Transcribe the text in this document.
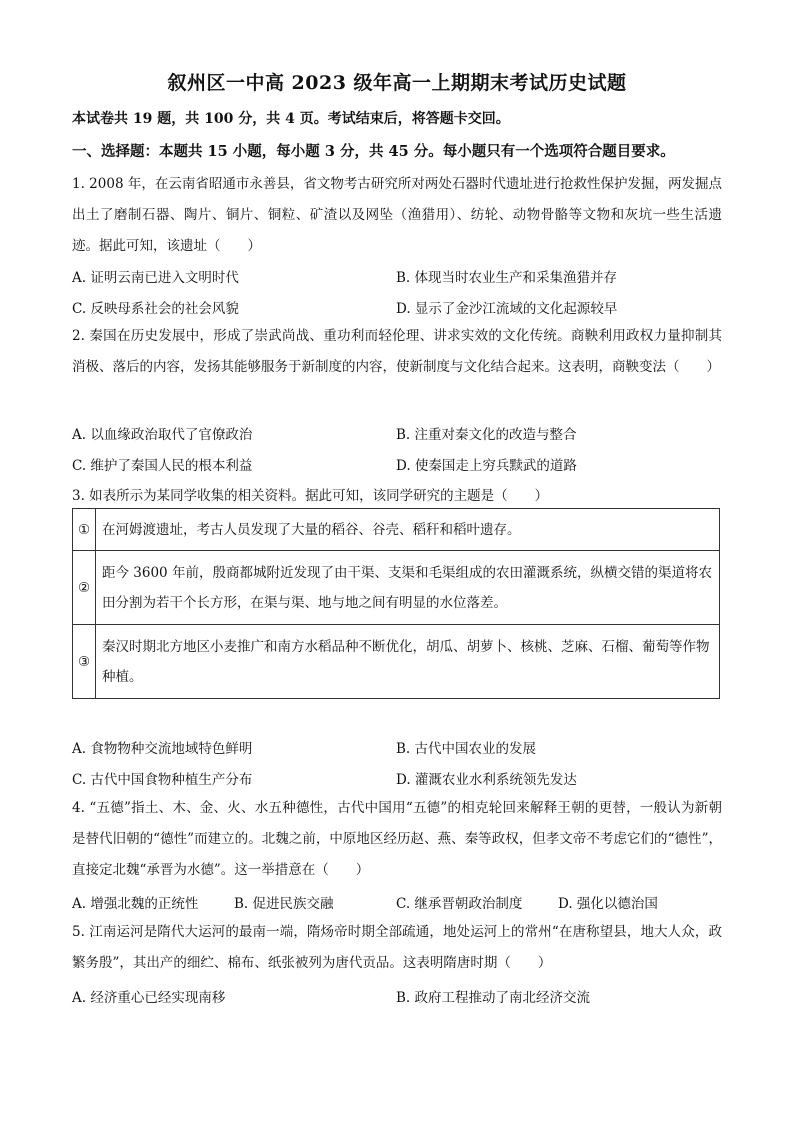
叙州区一中高 2023 级年高一上期期末考试历史试题
本试卷共 19 题，共 100 分，共 4 页。考试结束后，将答题卡交回。
一、选择题：本题共 15 小题，每小题 3 分，共 45 分。每小题只有一个选项符合题目要求。
1. 2008 年，在云南省昭通市永善县，省文物考古研究所对两处石器时代遗址进行抢救性保护发掘，两发掘点出土了磨制石器、陶片、铜片、铜粒、矿渣以及网坠（渔猎用）、纺轮、动物骨骼等文物和灰坑一些生活遗迹。据此可知，该遗址（　　）
A. 证明云南已进入文明时代	B. 体现当时农业生产和采集渔猎并存
C. 反映母系社会的社会风貌	D. 显示了金沙江流域的文化起源较早
2. 秦国在历史发展中，形成了崇武尚战、重功利而轻伦理、讲求实效的文化传统。商鞅利用政权力量抑制其消极、落后的内容，发扬其能够服务于新制度的内容，使新制度与文化结合起来。这表明，商鞅变法（　　）
A. 以血缘政治取代了官僚政治	B. 注重对秦文化的改造与整合
C. 维护了秦国人民的根本利益	D. 使秦国走上穷兵黩武的道路
3. 如表所示为某同学收集的相关资料。据此可知，该同学研究的主题是（　　）
①	在河姆渡遗址，考古人员发现了大量的稻谷、谷壳、稻秆和稻叶遗存。
②	距今 3600 年前，殷商都城附近发现了由干渠、支渠和毛渠组成的农田灌溉系统，纵横交错的渠道将农田分割为若干个长方形，在渠与渠、地与地之间有明显的水位落差。
③	秦汉时期北方地区小麦推广和南方水稻品种不断优化，胡瓜、胡萝卜、核桃、芝麻、石榴、葡萄等作物种植。
A. 食物物种交流地域特色鲜明	B. 古代中国农业的发展
C. 古代中国食物种植生产分布	D. 灌溉农业水利系统领先发达
4. “五德”指土、木、金、火、水五种德性，古代中国用“五德”的相克轮回来解释王朝的更替，一般认为新朝是替代旧朝的“德性”而建立的。北魏之前，中原地区经历赵、燕、秦等政权，但孝文帝不考虑它们的“德性”，直接定北魏“承晋为水德”。这一举措意在（　　）
A. 增强北魏的正统性	B. 促进民族交融	C. 继承晋朝政治制度	D. 强化以德治国
5. 江南运河是隋代大运河的最南一端，隋炀帝时期全部疏通，地处运河上的常州“在唐称望县，地大人众，政繁务殷”，其出产的细纻、棉布、纸张被列为唐代贡品。这表明隋唐时期（　　）
A. 经济重心已经实现南移	B. 政府工程推动了南北经济交流
